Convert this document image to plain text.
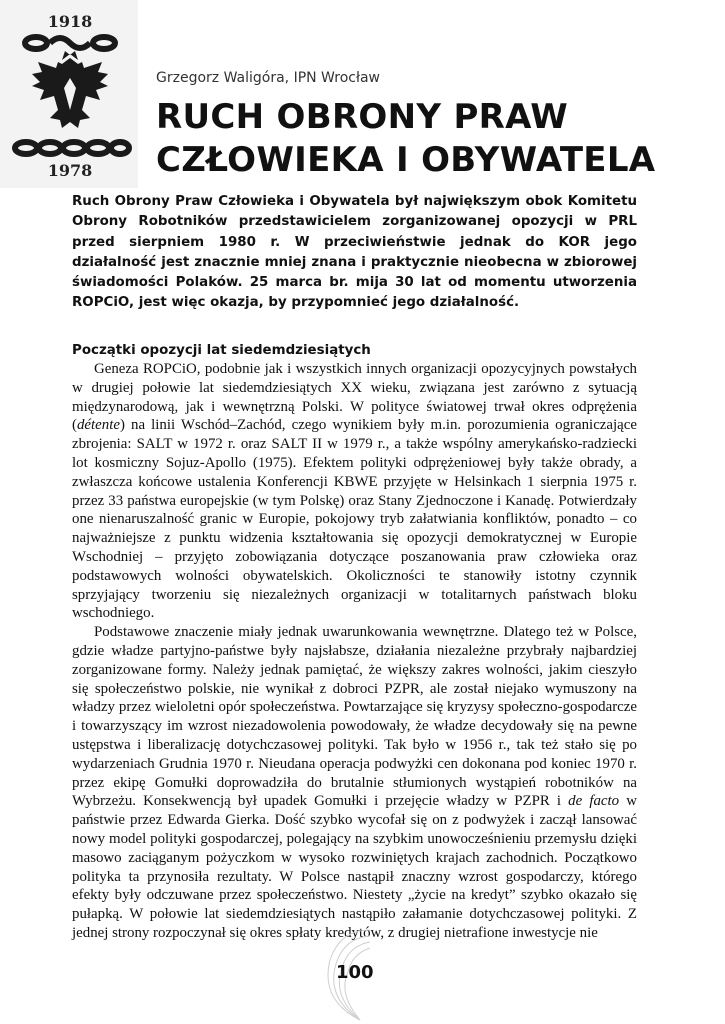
1918
1978
Grzegorz Waligóra, IPN Wrocław
RUCH OBRONY PRAW
CZŁOWIEKA I OBYWATELA

Ruch Obrony Praw Człowieka i Obywatela był największym obok Komitetu Obrony Robotników przedstawicielem zorganizowanej opozycji w PRL przed sierpniem 1980 r. W przeciwieństwie jednak do KOR jego działalność jest znacznie mniej znana i praktycznie nieobecna w zbiorowej świadomości Polaków. 25 marca br. mija 30 lat od momentu utworzenia ROPCiO, jest więc okazja, by przypomnieć jego działalność.

Początki opozycji lat siedemdziesiątych

Geneza ROPCiO, podobnie jak i wszystkich innych organizacji opozycyjnych powstałych w drugiej połowie lat siedemdziesiątych XX wieku, związana jest zarówno z sytuacją międzynarodową, jak i wewnętrzną Polski. W polityce światowej trwał okres odprężenia (détente) na linii Wschód–Zachód, czego wynikiem były m.in. porozumienia ograniczające zbrojenia: SALT w 1972 r. oraz SALT II w 1979 r., a także wspólny amerykańsko-radziecki lot kosmiczny Sojuz-Apollo (1975). Efektem polityki odprężeniowej były także obrady, a zwłaszcza końcowe ustalenia Konferencji KBWE przyjęte w Helsinkach 1 sierpnia 1975 r. przez 33 państwa europejskie (w tym Polskę) oraz Stany Zjednoczone i Kanadę. Potwierdzały one nienaruszalność granic w Europie, pokojowy tryb załatwiania konfliktów, ponadto – co najważniejsze z punktu widzenia kształtowania się opozycji demokratycznej w Europie Wschodniej – przyjęto zobowiązania dotyczące poszanowania praw człowieka oraz podstawowych wolności obywatelskich. Okoliczności te stanowiły istotny czynnik sprzyjający tworzeniu się niezależnych organizacji w totalitarnych państwach bloku wschodniego.

Podstawowe znaczenie miały jednak uwarunkowania wewnętrzne. Dlatego też w Polsce, gdzie władze partyjno-państwe były najsłabsze, działania niezależne przybrały najbardziej zorganizowane formy. Należy jednak pamiętać, że większy zakres wolności, jakim cieszyło się społeczeństwo polskie, nie wynikał z dobroci PZPR, ale został niejako wymuszony na władzy przez wieloletni opór społeczeństwa. Powtarzające się kryzysy społeczno-gospodarcze i towarzyszący im wzrost niezadowolenia powodowały, że władze decydowały się na pewne ustępstwa i liberalizację dotychczasowej polityki. Tak było w 1956 r., tak też stało się po wydarzeniach Grudnia 1970 r. Nieudana operacja podwyżki cen dokonana pod koniec 1970 r. przez ekipę Gomułki doprowadziła do brutalnie stłumionych wystąpień robotników na Wybrzeżu. Konsekwencją był upadek Gomułki i przejęcie władzy w PZPR i de facto w państwie przez Edwarda Gierka. Dość szybko wycofał się on z podwyżek i zaczął lansować nowy model polityki gospodarczej, polegający na szybkim unowocześnieniu przemysłu dzięki masowo zaciąganym pożyczkom w wysoko rozwiniętych krajach zachodnich. Początkowo polityka ta przynosiła rezultaty. W Polsce nastąpił znaczny wzrost gospodarczy, którego efekty były odczuwane przez społeczeństwo. Niestety „życie na kredyt” szybko okazało się pułapką. W połowie lat siedemdziesiątych nastąpiło załamanie dotychczasowej polityki. Z jednej strony rozpoczynał się okres spłaty kredytów, z drugiej nietrafione inwestycje nie

100
